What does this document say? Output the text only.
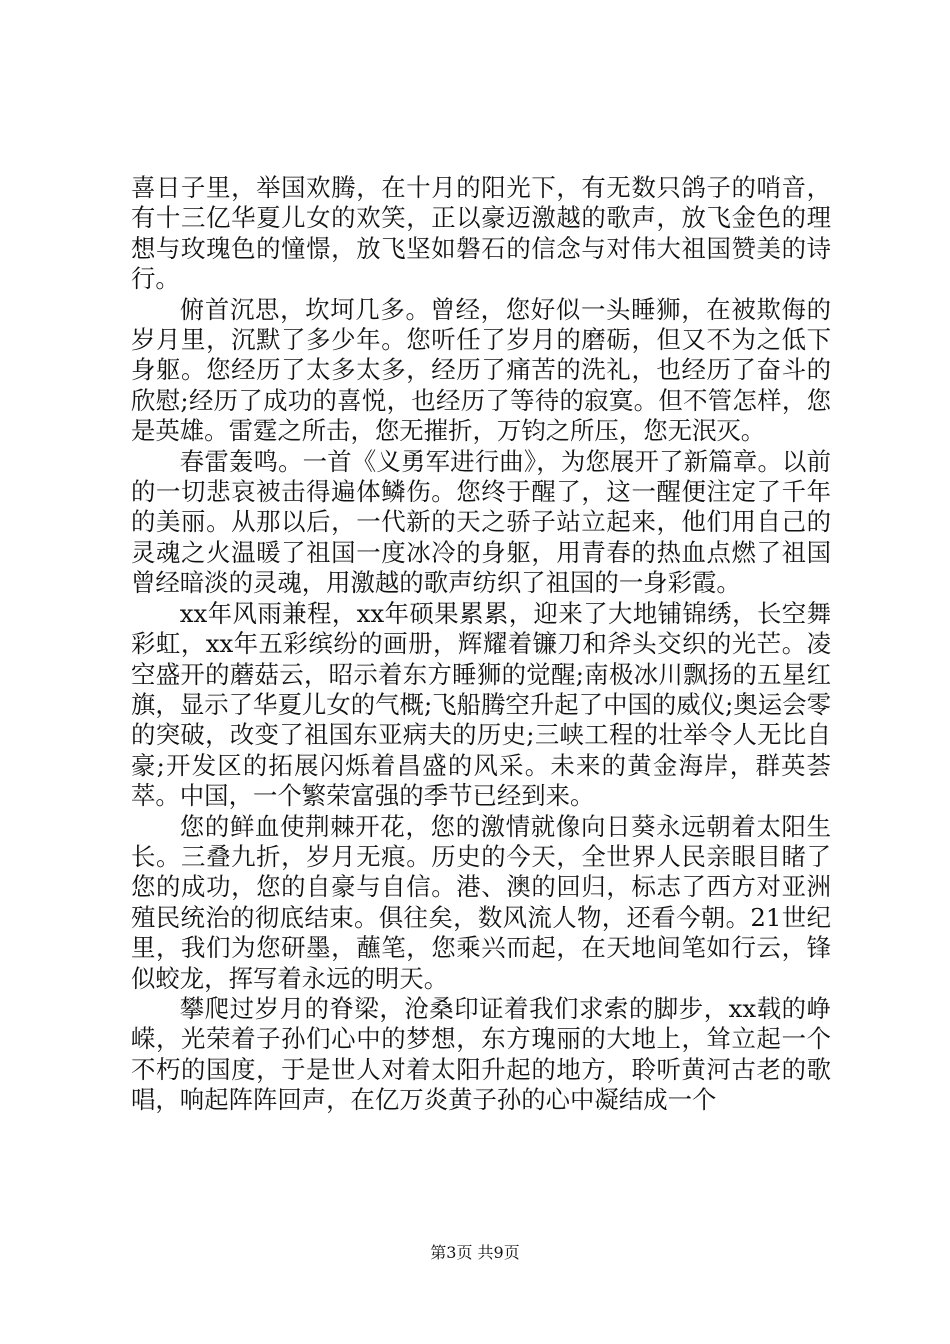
喜日子里，举国欢腾，在十月的阳光下，有无数只鸽子的哨音，有十三亿华夏儿女的欢笑，正以豪迈激越的歌声，放飞金色的理想与玫瑰色的憧憬，放飞坚如磐石的信念与对伟大祖国赞美的诗行。

俯首沉思，坎坷几多。曾经，您好似一头睡狮，在被欺侮的岁月里，沉默了多少年。您听任了岁月的磨砺，但又不为之低下身躯。您经历了太多太多，经历了痛苦的洗礼，也经历了奋斗的欣慰;经历了成功的喜悦，也经历了等待的寂寞。但不管怎样，您是英雄。雷霆之所击，您无摧折，万钧之所压，您无泯灭。

春雷轰鸣。一首《义勇军进行曲》，为您展开了新篇章。以前的一切悲哀被击得遍体鳞伤。您终于醒了，这一醒便注定了千年的美丽。从那以后，一代新的天之骄子站立起来，他们用自己的灵魂之火温暖了祖国一度冰冷的身躯，用青春的热血点燃了祖国曾经暗淡的灵魂，用激越的歌声纺织了祖国的一身彩霞。

xx年风雨兼程，xx年硕果累累，迎来了大地铺锦绣，长空舞彩虹，xx年五彩缤纷的画册，辉耀着镰刀和斧头交织的光芒。凌空盛开的蘑菇云，昭示着东方睡狮的觉醒;南极冰川飘扬的五星红旗，显示了华夏儿女的气概;飞船腾空升起了中国的威仪;奥运会零的突破，改变了祖国东亚病夫的历史;三峡工程的壮举令人无比自豪;开发区的拓展闪烁着昌盛的风采。未来的黄金海岸，群英荟萃。中国，一个繁荣富强的季节已经到来。

您的鲜血使荆棘开花，您的激情就像向日葵永远朝着太阳生长。三叠九折，岁月无痕。历史的今天，全世界人民亲眼目睹了您的成功，您的自豪与自信。港、澳的回归，标志了西方对亚洲殖民统治的彻底结束。俱往矣，数风流人物，还看今朝。21世纪里，我们为您研墨，蘸笔，您乘兴而起，在天地间笔如行云，锋似蛟龙，挥写着永远的明天。

攀爬过岁月的脊梁，沧桑印证着我们求索的脚步，xx载的峥嵘，光荣着子孙们心中的梦想，东方瑰丽的大地上，耸立起一个不朽的国度，于是世人对着太阳升起的地方，聆听黄河古老的歌唱，响起阵阵回声，在亿万炎黄子孙的心中凝结成一个

第3页 共9页
